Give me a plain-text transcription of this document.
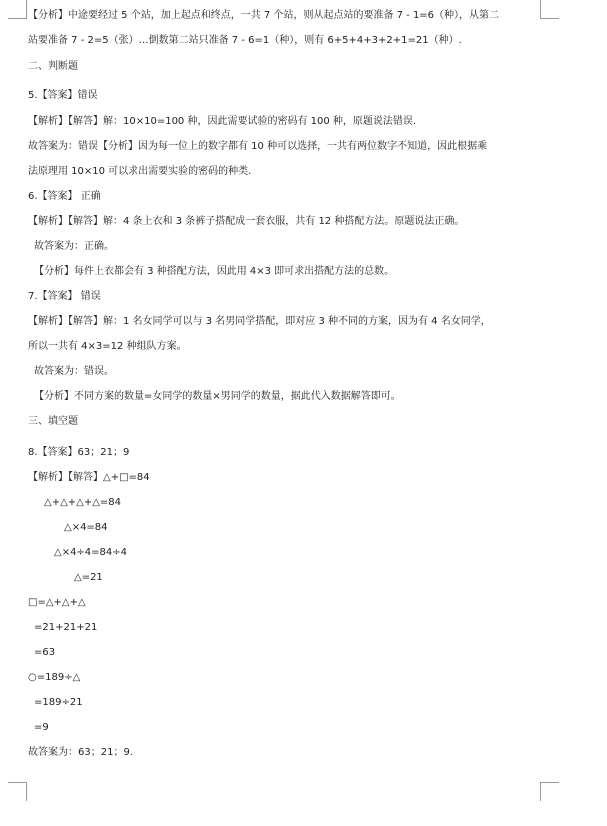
【分析】中途要经过 5 个站，加上起点和终点，一共 7 个站，则从起点站的要准备 7 - 1=6（种），从第二
站要准备 7 - 2=5（张）…倒数第二站只准备 7 - 6=1（种），则有 6+5+4+3+2+1=21（种）.
二、判断题
5.【答案】错误
【解析】【解答】解：10×10=100 种，因此需要试验的密码有 100 种，原题说法错误.
故答案为：错误【分析】因为每一位上的数字都有 10 种可以选择，一共有两位数字不知道，因此根据乘
法原理用 10×10 可以求出需要实验的密码的种类.
6.【答案】 正确
【解析】【解答】解：4 条上衣和 3 条裤子搭配成一套衣服，共有 12 种搭配方法。原题说法正确。
故答案为：正确。
【分析】每件上衣都会有 3 种搭配方法，因此用 4×3 即可求出搭配方法的总数。
7.【答案】 错误
【解析】【解答】解：1 名女同学可以与 3 名男同学搭配，即对应 3 种不同的方案，因为有 4 名女同学，
所以一共有 4×3=12 种组队方案。
故答案为：错误。
【分析】不同方案的数量=女同学的数量×男同学的数量，据此代入数据解答即可。
三、填空题
8.【答案】63；21；9
【解析】【解答】△+□=84
△+△+△+△=84
△×4=84
△×4÷4=84÷4
△=21
□=△+△+△
=21+21+21
=63
○=189÷△
=189÷21
=9
故答案为：63；21；9.
